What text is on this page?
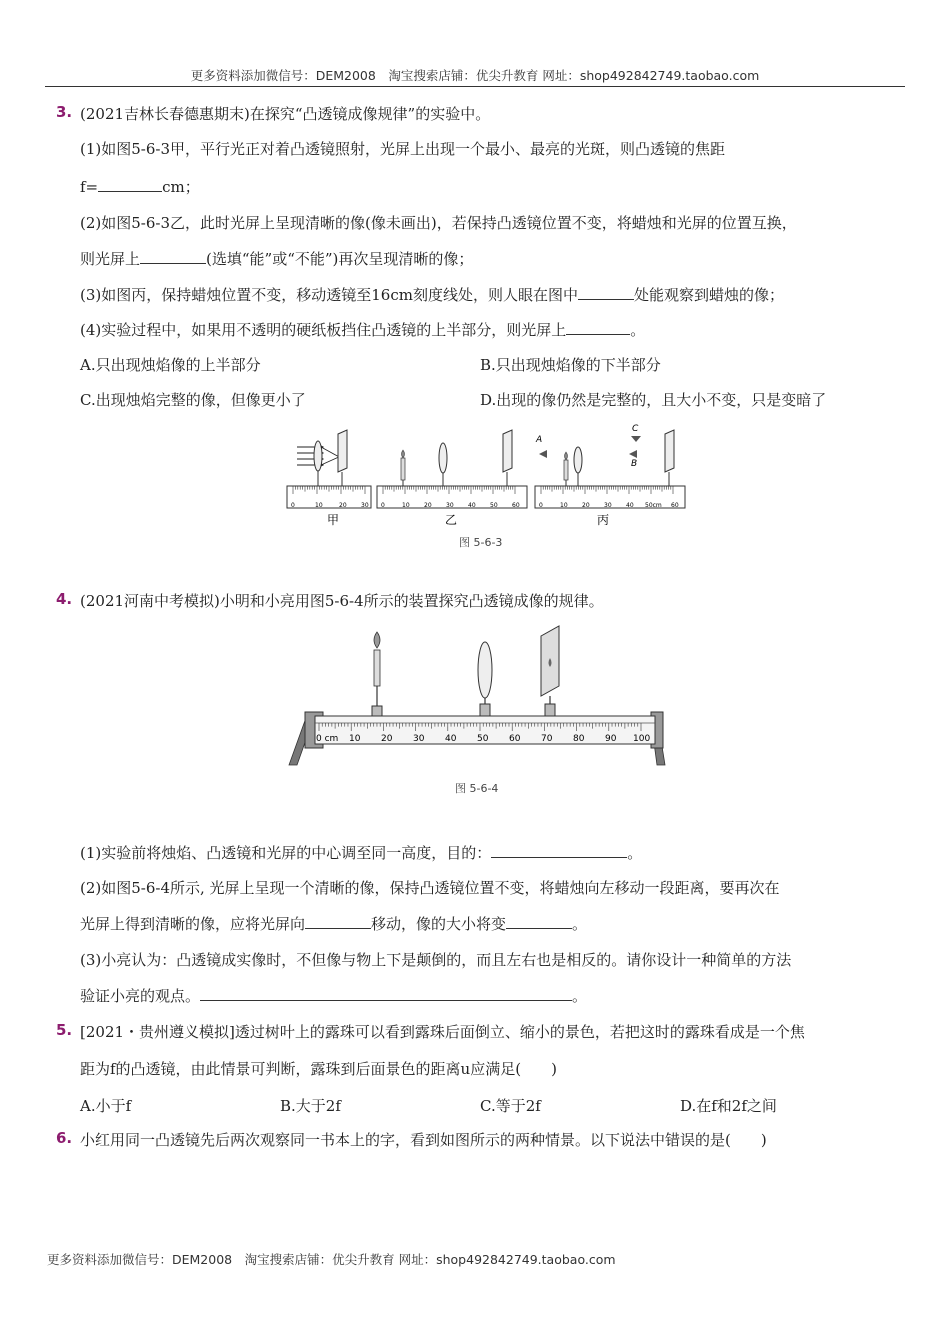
更多资料添加微信号：DEM2008　淘宝搜索店铺：优尖升教育 网址：shop492842749.taobao.com
3. (2021吉林长春德惠期末)在探究“凸透镜成像规律”的实验中。
(1)如图5-6-3甲，平行光正对着凸透镜照射，光屏上出现一个最小、最亮的光斑，则凸透镜的焦距
f=	cm；
(2)如图5-6-3乙，此时光屏上呈现清晰的像(像未画出)，若保持凸透镜位置不变，将蜡烛和光屏的位置互换，
则光屏上	(选填“能”或“不能”)再次呈现清晰的像；
(3)如图丙，保持蜡烛位置不变，移动透镜至16cm刻度线处，则人眼在图中	处能观察到蜡烛的像；
(4)实验过程中，如果用不透明的硬纸板挡住凸透镜的上半部分，则光屏上	。
A.只出现烛焰像的上半部分	B.只出现烛焰像的下半部分
C.出现烛焰完整的像，但像更小了	D.出现的像仍然是完整的，且大小不变，只是变暗了
0	10	20 30
甲
0	10 20 30 40 50 60
乙
0	10 20 30 40 50cm 60
A
C
B
丙
图 5-6-3
4. (2021河南中考模拟)小明和小亮用图5-6-4所示的装置探究凸透镜成像的规律。
0 cm 10 20 30 40 50 60 70 80 90 100
图 5-6-4
(1)实验前将烛焰、凸透镜和光屏的中心调至同一高度，目的：	。
(2)如图5-6-4所示, 光屏上呈现一个清晰的像，保持凸透镜位置不变，将蜡烛向左移动一段距离，要再次在
光屏上得到清晰的像，应将光屏向	移动，像的大小将变	。
(3)小亮认为：凸透镜成实像时，不但像与物上下是颠倒的，而且左右也是相反的。请你设计一种简单的方法
验证小亮的观点。	。
5. [2021・贵州遵义模拟]透过树叶上的露珠可以看到露珠后面倒立、缩小的景色，若把这时的露珠看成是一个焦
距为f的凸透镜，由此情景可判断，露珠到后面景色的距离u应满足(　　)
A.小于f	B.大于2f	C.等于2f	D.在f和2f之间
6. 小红用同一凸透镜先后两次观察同一书本上的字，看到如图所示的两种情景。以下说法中错误的是(　　)
更多资料添加微信号：DEM2008　淘宝搜索店铺：优尖升教育 网址：shop492842749.taobao.com
